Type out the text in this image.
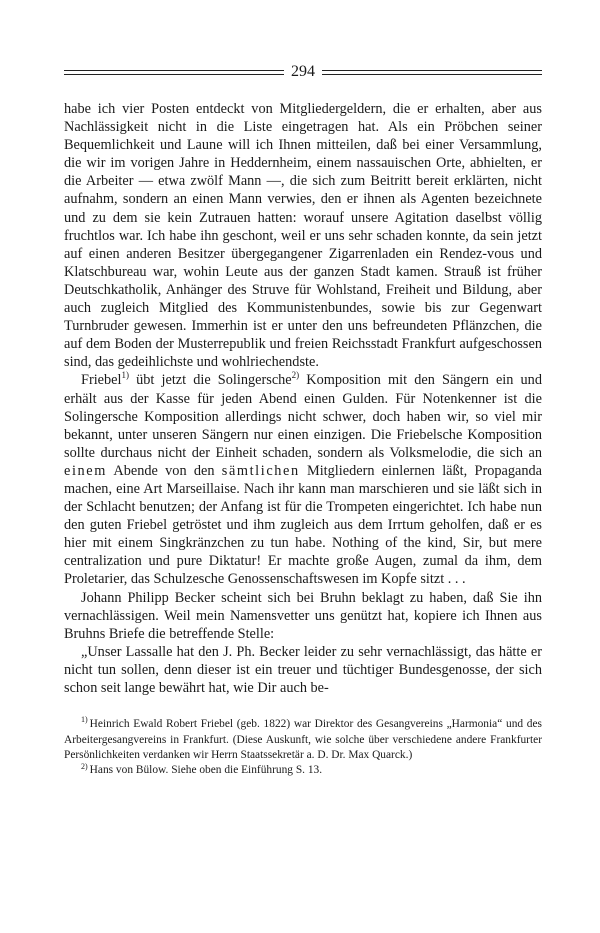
294

habe ich vier Posten entdeckt von Mitgliedergeldern, die er erhalten, aber aus Nachlässigkeit nicht in die Liste eingetragen hat. Als ein Pröbchen seiner Bequemlichkeit und Laune will ich Ihnen mitteilen, daß bei einer Versammlung, die wir im vorigen Jahre in Heddernheim, einem nassauischen Orte, abhielten, er die Arbeiter — etwa zwölf Mann —, die sich zum Beitritt bereit erklärten, nicht aufnahm, sondern an einen Mann verwies, den er ihnen als Agenten bezeichnete und zu dem sie kein Zutrauen hatten: worauf unsere Agitation daselbst völlig fruchtlos war. Ich habe ihn geschont, weil er uns sehr schaden konnte, da sein jetzt auf einen anderen Besitzer übergegangener Zigarrenladen ein Rendez-vous und Klatschbureau war, wohin Leute aus der ganzen Stadt kamen. Strauß ist früher Deutschkatholik, Anhänger des Struve für Wohlstand, Freiheit und Bildung, aber auch zugleich Mitglied des Kommunistenbundes, sowie bis zur Gegenwart Turnbruder gewesen. Immerhin ist er unter den uns befreundeten Pflänzchen, die auf dem Boden der Musterrepublik und freien Reichsstadt Frankfurt aufgeschossen sind, das gedeihlichste und wohlriechendste.

Friebel$^{1)}$ übt jetzt die Solingersche$^{2)}$ Komposition mit den Sängern ein und erhält aus der Kasse für jeden Abend einen Gulden. Für Notenkenner ist die Solingersche Komposition allerdings nicht schwer, doch haben wir, so viel mir bekannt, unter unseren Sängern nur einen einzigen. Die Friebelsche Komposition sollte durchaus nicht der Einheit schaden, sondern als Volksmelodie, die sich an einem Abende von den sämtlichen Mitgliedern einlernen läßt, Propaganda machen, eine Art Marseillaise. Nach ihr kann man marschieren und sie läßt sich in der Schlacht benutzen; der Anfang ist für die Trompeten eingerichtet. Ich habe nun den guten Friebel getröstet und ihm zugleich aus dem Irrtum geholfen, daß er es hier mit einem Singkränzchen zu tun habe. Nothing of the kind, Sir, but mere centralization und pure Diktatur! Er machte große Augen, zumal da ihm, dem Proletarier, das Schulzesche Genossenschaftswesen im Kopfe sitzt . . .

Johann Philipp Becker scheint sich bei Bruhn beklagt zu haben, daß Sie ihn vernachlässigen. Weil mein Namensvetter uns genützt hat, kopiere ich Ihnen aus Bruhns Briefe die betreffende Stelle:

„Unser Lassalle hat den J. Ph. Becker leider zu sehr vernachlässigt, das hätte er nicht tun sollen, denn dieser ist ein treuer und tüchtiger Bundesgenosse, der sich schon seit lange bewährt hat, wie Dir auch be-

$^{1)}$ Heinrich Ewald Robert Friebel (geb. 1822) war Direktor des Gesangvereins „Harmonia“ und des Arbeitergesangvereins in Frankfurt. (Diese Auskunft, wie solche über verschiedene andere Frankfurter Persönlichkeiten verdanken wir Herrn Staatssekretär a. D. Dr. Max Quarck.)

$^{2)}$ Hans von Bülow. Siehe oben die Einführung S. 13.
